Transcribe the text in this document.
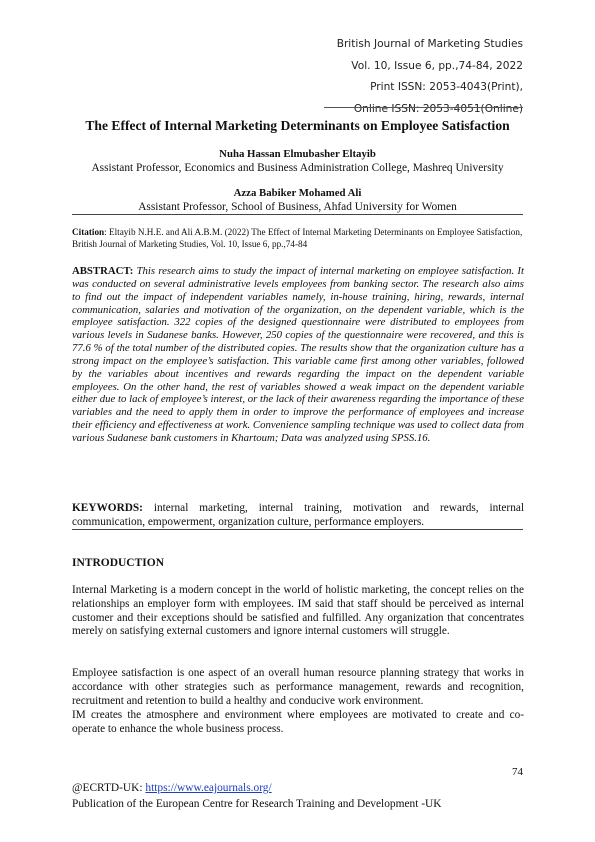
British Journal of Marketing Studies
Vol. 10, Issue 6, pp.,74-84, 2022
Print ISSN: 2053-4043(Print),
Online ISSN: 2053-4051(Online)
The Effect of Internal Marketing Determinants on Employee Satisfaction
Nuha Hassan Elmubasher Eltayib
Assistant Professor, Economics and Business Administration College, Mashreq University
Azza Babiker Mohamed Ali
Assistant Professor, School of Business, Ahfad University for Women
Citation: Eltayib N.H.E. and Ali A.B.M. (2022) The Effect of Internal Marketing Determinants on Employee Satisfaction, British Journal of Marketing Studies, Vol. 10, Issue 6, pp.,74-84
ABSTRACT: This research aims to study the impact of internal marketing on employee satisfaction. It was conducted on several administrative levels employees from banking sector. The research also aims to find out the impact of independent variables namely, in-house training, hiring, rewards, internal communication, salaries and motivation of the organization, on the dependent variable, which is the employee satisfaction. 322 copies of the designed questionnaire were distributed to employees from various levels in Sudanese banks. However, 250 copies of the questionnaire were recovered, and this is 77.6 % of the total number of the distributed copies. The results show that the organization culture has a strong impact on the employee’s satisfaction. This variable came first among other variables, followed by the variables about incentives and rewards regarding the impact on the dependent variable employees. On the other hand, the rest of variables showed a weak impact on the dependent variable either due to lack of employee’s interest, or the lack of their awareness regarding the importance of these variables and the need to apply them in order to improve the performance of employees and increase their efficiency and effectiveness at work. Convenience sampling technique was used to collect data from various Sudanese bank customers in Khartoum; Data was analyzed using SPSS.16.
KEYWORDS: internal marketing, internal training, motivation and rewards, internal communication, empowerment, organization culture, performance employers.
INTRODUCTION
Internal Marketing is a modern concept in the world of holistic marketing, the concept relies on the relationships an employer form with employees. IM said that staff should be perceived as internal customer and their exceptions should be satisfied and fulfilled. Any organization that concentrates merely on satisfying external customers and ignore internal customers will struggle.
Employee satisfaction is one aspect of an overall human resource planning strategy that works in accordance with other strategies such as performance management, rewards and recognition, recruitment and retention to build a healthy and conducive work environment.
IM creates the atmosphere and environment where employees are motivated to create and co-operate to enhance the whole business process.
74
@ECRTD-UK: https://www.eajournals.org/
Publication of the European Centre for Research Training and Development -UK
